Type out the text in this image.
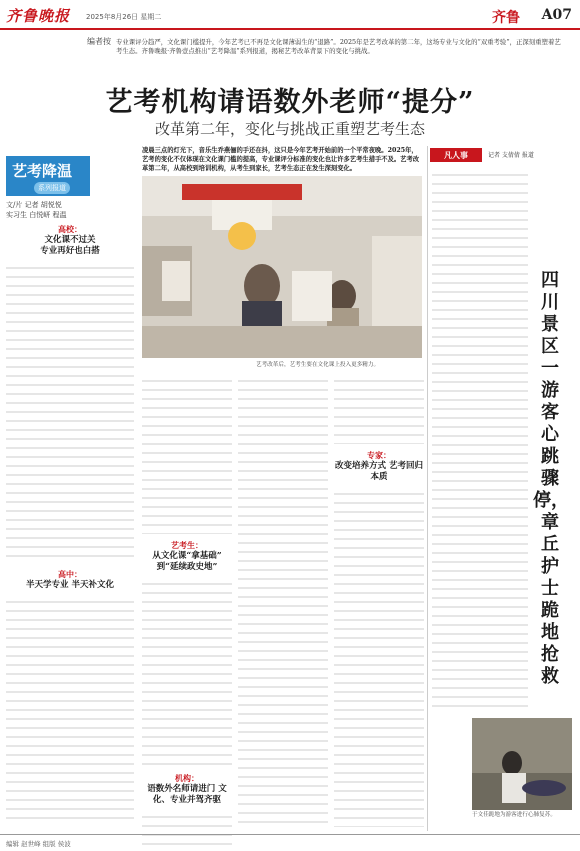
齐鲁晚报 2025年8月26日 星期二	齐鲁 A07
编者按 专业课评分趋严，文化课门槛提升，今年艺考已不再是文化课薄弱生的“退路”。2025年是艺考改革的第二年，这场专业与文化的“双重考验”，正深刻重塑着艺考生态。齐鲁晚报·齐鲁壹点推出“艺考降温”系列报道，揭秘艺考改革背景下的变化与挑战。
艺考机构请语数外老师“提分”
改革第二年，变化与挑战正重塑艺考生态
艺考降温
系列报道
文/片 记者 胡悦悦
实习生 白悦岍 程温
凌晨三点的灯光下，音乐生乔燕俪的手还在抖，这只是今年艺考开始前的一个平常夜晚。2025年，艺考的变化不仅体现在文化课门槛的提高，专业课评分标准的变化也让许多艺考生措手不及。艺考改革第二年，从高校到培训机构，从考生到家长，艺考生态正在发生深刻变化。
艺考改革后，艺考生要在文化课上投入更多精力。
高校：
文化课不过关
专业再好也白搭
高中：
半天学专业 半天补文化
艺考生：
从文化课“拿基础” 到“延续政史地”
机构：
语数外名师请进门 文化、专业并驾齐驱
专家：
改变培养方式 艺考回归本质
凡人事	记者 支倩倩 报道
四川景区一游客心跳骤停，章丘护士跪地抢救
于文佳跪地为游客进行心肺复苏。
编辑 赵世峰 组版 侯波
